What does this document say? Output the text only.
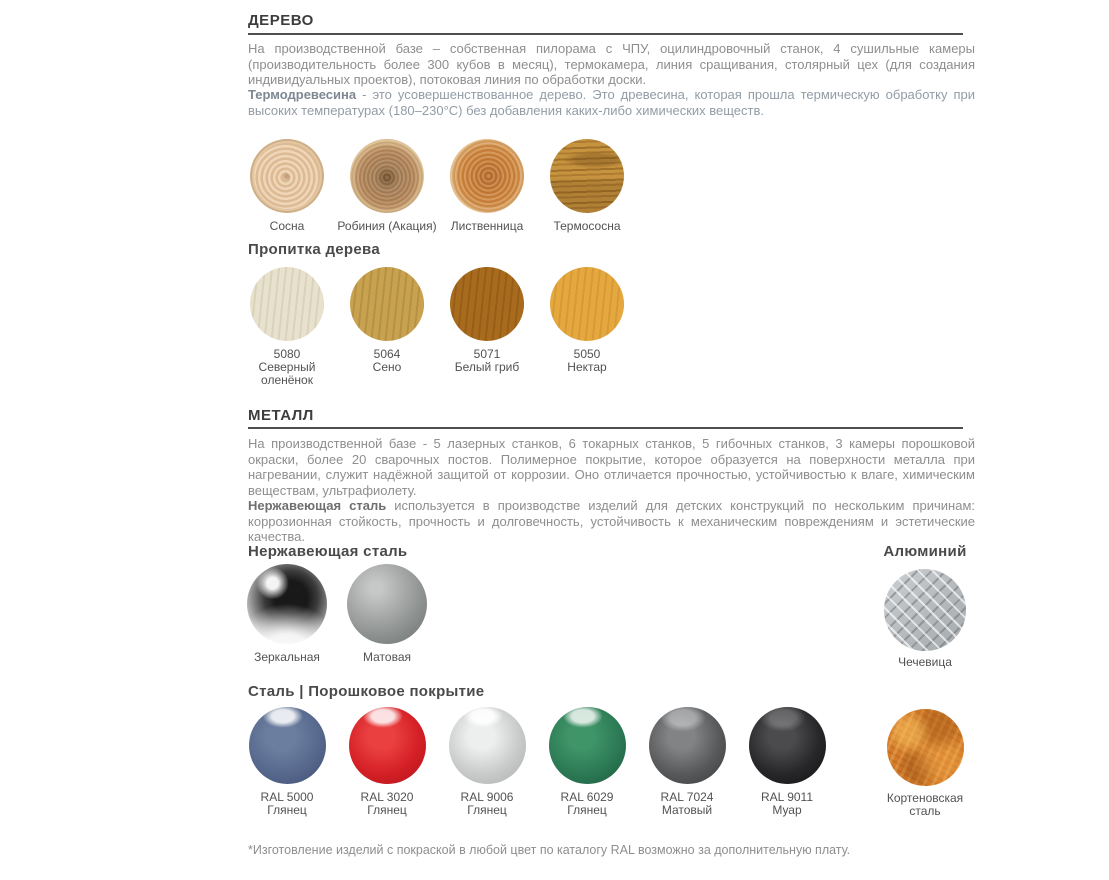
ДЕРЕВО
На производственной базе – собственная пилорама с ЧПУ, оцилиндровочный станок, 4 сушильные камеры (производительность более 300 кубов в месяц), термокамера, линия сращивания, столярный цех (для создания индивидуальных проектов), потоковая линия по обработки доски.
Термодревесина - это усовершенствованное дерево. Это древесина, которая прошла термическую обработку при высоких температурах (180–230°С) без добавления каких-либо химических веществ.
Сосна	Робиния (Акация) Лиственница	Термососна
Пропитка дерева
5080
Северный оленёнок
5064
Сено
5071
Белый гриб
5050
Нектар
МЕТАЛЛ
На производственной базе - 5 лазерных станков, 6 токарных станков, 5 гибочных станков, 3 камеры порошковой окраски, более 20 сварочных постов. Полимерное покрытие, которое образуется на поверхности металла при нагревании, служит надёжной защитой от коррозии. Оно отличается прочностью, устойчивостью к влаге, химическим веществам, ультрафиолету.
Нержавеющая сталь используется в производстве изделий для детских конструкций по нескольким причинам: коррозионная стойкость, прочность и долговечность, устойчивость к механическим повреждениям и эстетические качества.
Нержавеющая сталь	Алюминий
Зеркальная	Матовая	Чечевица
Сталь | Порошковое покрытие
RAL 5000
Глянец
RAL 3020
Глянец
RAL 9006
Глянец
RAL 6029
Глянец
RAL 7024
Матовый
RAL 9011
Муар
Кортеновская сталь
*Изготовление изделий с покраской в любой цвет по каталогу RAL возможно за дополнительную плату.
